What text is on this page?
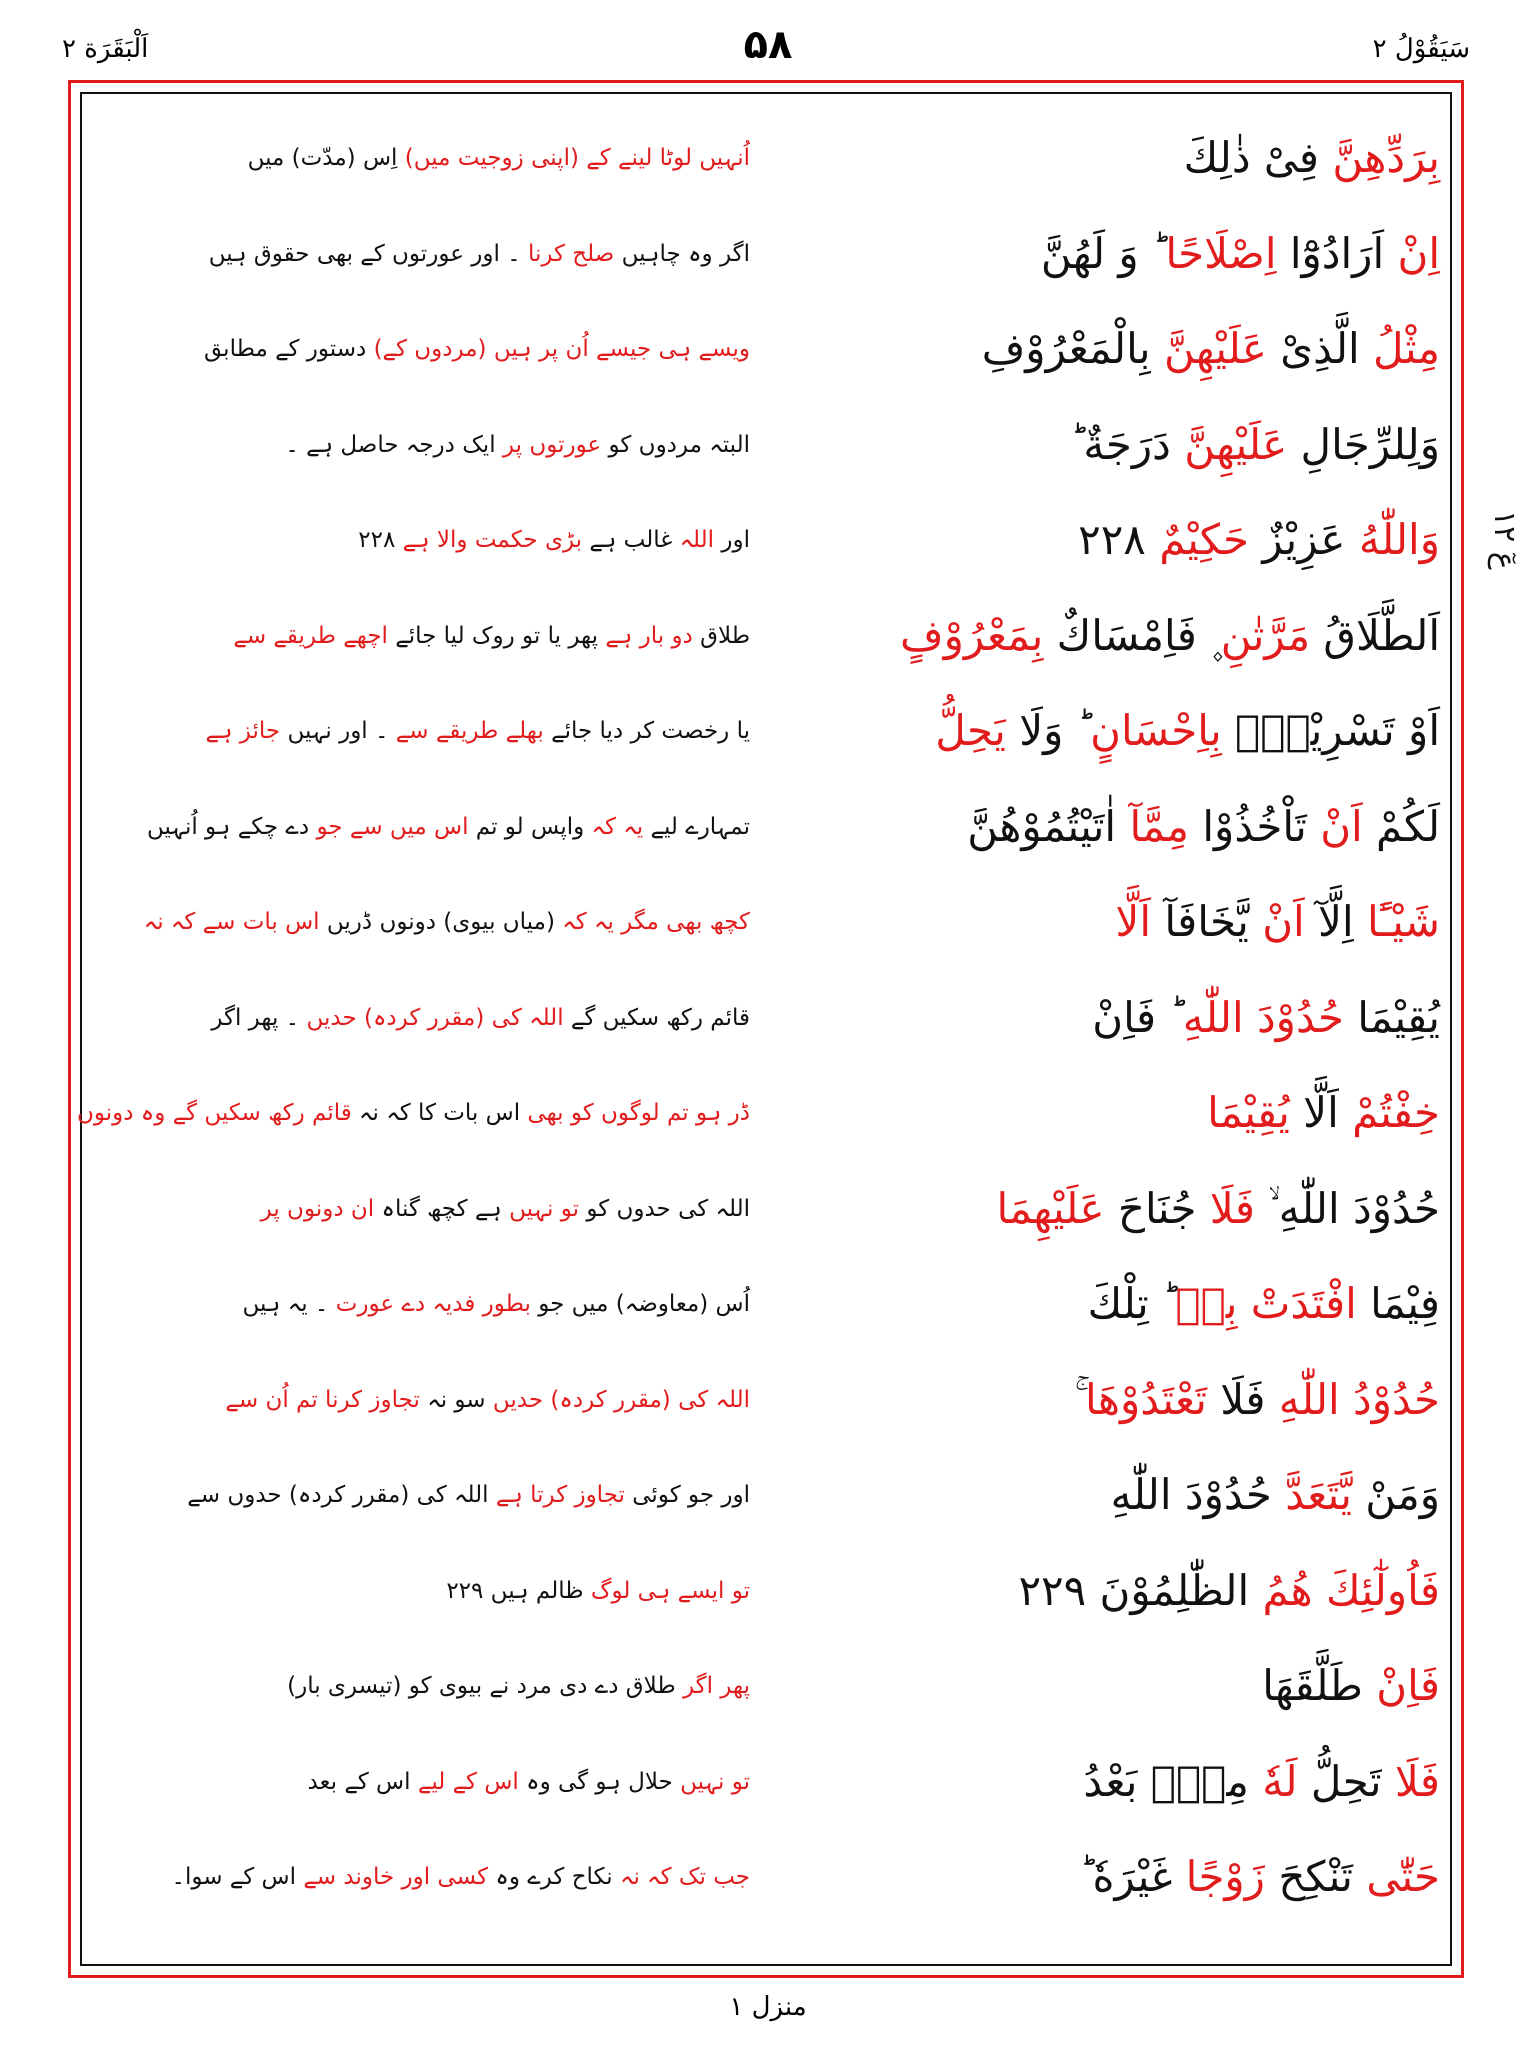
اَلْبَقَرَة ٢	۵۸	سَیَقُوْلُ ٢
عٓ ١٢
بِرَدِّهِنَّ فِیْ ذٰلِكَ
اِنْ اَرَادُوْٓا اِصْلَاحًا ؕ وَ لَهُنَّ
مِثْلُ الَّذِیْ عَلَیْهِنَّ بِالْمَعْرُوْفِ
وَلِلرِّجَالِ عَلَیْهِنَّ دَرَجَةٌ ؕ
وَاللّٰهُ عَزِیْزٌ حَكِیْمٌ ۲۲۸
اَلطَّلَاقُ مَرَّتٰنِ ۪ فَاِمْسَاكٌ بِمَعْرُوْفٍ
اَوْ تَسْرِیْحٌۢ بِاِحْسَانٍ ؕ وَلَا یَحِلُّ
لَكُمْ اَنْ تَاْخُذُوْا مِمَّآ اٰتَیْتُمُوْهُنَّ
شَیْـًٔا اِلَّآ اَنْ یَّخَافَآ اَلَّا
یُقِیْمَا حُدُوْدَ اللّٰهِ ؕ فَاِنْ
خِفْتُمْ اَلَّا یُقِیْمَا
حُدُوْدَ اللّٰهِ ۙ فَلَا جُنَاحَ عَلَیْهِمَا
فِیْمَا افْتَدَتْ بِهٖ ؕ تِلْكَ
حُدُوْدُ اللّٰهِ فَلَا تَعْتَدُوْهَا ۚ
وَمَنْ یَّتَعَدَّ حُدُوْدَ اللّٰهِ
فَاُولٰٓئِكَ هُمُ الظّٰلِمُوْنَ ۲۲۹
فَاِنْ طَلَّقَهَا
فَلَا تَحِلُّ لَهٗ مِنْۢ بَعْدُ
حَتّٰی تَنْكِحَ زَوْجًا غَیْرَهٗ ؕ
اُنہیں لوٹا لینے کے (اپنی زوجیت میں) اِس (مدّت) میں
اگر وہ چاہیں صلح کرنا ۔ اور عورتوں کے بھی حقوق ہیں
ویسے ہی جیسے اُن پر ہیں (مردوں کے) دستور کے مطابق
البتہ مردوں کو عورتوں پر ایک درجہ حاصل ہے ۔
اور اللہ غالب ہے بڑی حکمت والا ہے ۲۲۸
طلاق دو بار ہے پھر یا تو روک لیا جائے اچھے طریقے سے
یا رخصت کر دیا جائے بھلے طریقے سے ۔ اور نہیں جائز ہے
تمہارے لیے یہ کہ واپس لو تم اس میں سے جو دے چکے ہو اُنہیں
کچھ بھی مگر یہ کہ (میاں بیوی) دونوں ڈریں اس بات سے کہ نہ
قائم رکھ سکیں گے اللہ کی (مقرر کردہ) حدیں ۔ پھر اگر
ڈر ہو تم لوگوں کو بھی اس بات کا کہ نہ قائم رکھ سکیں گے وہ دونوں
اللہ کی حدوں کو تو نہیں ہے کچھ گناہ ان دونوں پر
اُس (معاوضہ) میں جو بطور فدیہ دے عورت ۔ یہ ہیں
اللہ کی (مقرر کردہ) حدیں سو نہ تجاوز کرنا تم اُن سے
اور جو کوئی تجاوز کرتا ہے اللہ کی (مقرر کردہ) حدوں سے
تو ایسے ہی لوگ ظالم ہیں ۲۲۹
پھر اگر طلاق دے دی مرد نے بیوی کو (تیسری بار)
تو نہیں حلال ہو گی وہ اس کے لیے اس کے بعد
جب تک کہ نہ نکاح کرے وہ کسی اور خاوند سے اس کے سوا۔
منزل ١
